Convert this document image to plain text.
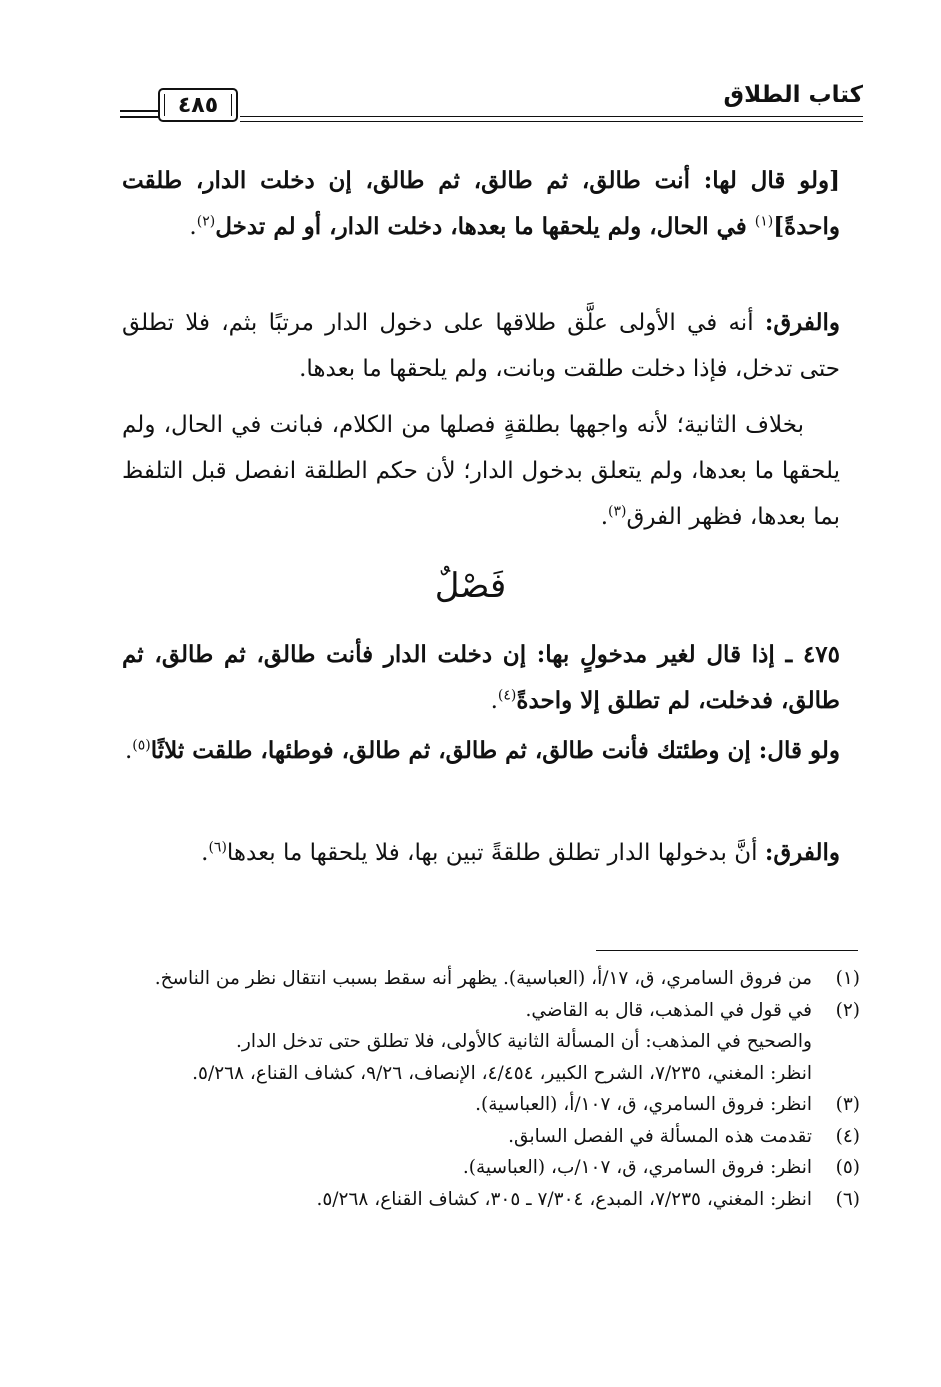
كتاب الطلاق
٤٨٥

[ولو قال لها: أنت طالق، ثم طالق، ثم طالق، إن دخلت الدار، طلقت واحدةً]$^{(١)}$ في الحال، ولم يلحقها ما بعدها، دخلت الدار، أو لم تدخل$^{(٢)}$.

والفرق: أنه في الأولى علَّق طلاقها على دخول الدار مرتبًا بثم، فلا تطلق حتى تدخل، فإذا دخلت طلقت وبانت، ولم يلحقها ما بعدها.

بخلاف الثانية؛ لأنه واجهها بطلقةٍ فصلها من الكلام، فبانت في الحال، ولم يلحقها ما بعدها، ولم يتعلق بدخول الدار؛ لأن حكم الطلقة انفصل قبل التلفظ بما بعدها، فظهر الفرق$^{(٣)}$.

فَصْلٌ

٤٧٥ ـ إذا قال لغير مدخولٍ بها: إن دخلت الدار فأنت طالق، ثم طالق، ثم طالق، فدخلت، لم تطلق إلا واحدةً$^{(٤)}$.

ولو قال: إن وطئتك فأنت طالق، ثم طالق، ثم طالق، فوطئها، طلقت ثلاثًا$^{(٥)}$.

والفرق: أنَّ بدخولها الدار تطلق طلقةً تبين بها، فلا يلحقها ما بعدها$^{(٦)}$.

(١)

من فروق السامري، ق، ١٧/أ، (العباسية). يظهر أنه سقط بسبب انتقال نظر من الناسخ.

(٢)

في قول في المذهب، قال به القاضي.

والصحيح في المذهب: أن المسألة الثانية كالأولى، فلا تطلق حتى تدخل الدار.

انظر: المغني، ٧/٢٣٥، الشرح الكبير، ٤/٤٥٤، الإنصاف، ٩/٢٦، كشاف القناع، ٥/٢٦٨.

(٣)

انظر: فروق السامري، ق، ١٠٧/أ، (العباسية).

(٤)

تقدمت هذه المسألة في الفصل السابق.

(٥)

انظر: فروق السامري، ق، ١٠٧/ب، (العباسية).

(٦)

انظر: المغني، ٧/٢٣٥، المبدع، ٧/٣٠٤ ـ ٣٠٥، كشاف القناع، ٥/٢٦٨.
